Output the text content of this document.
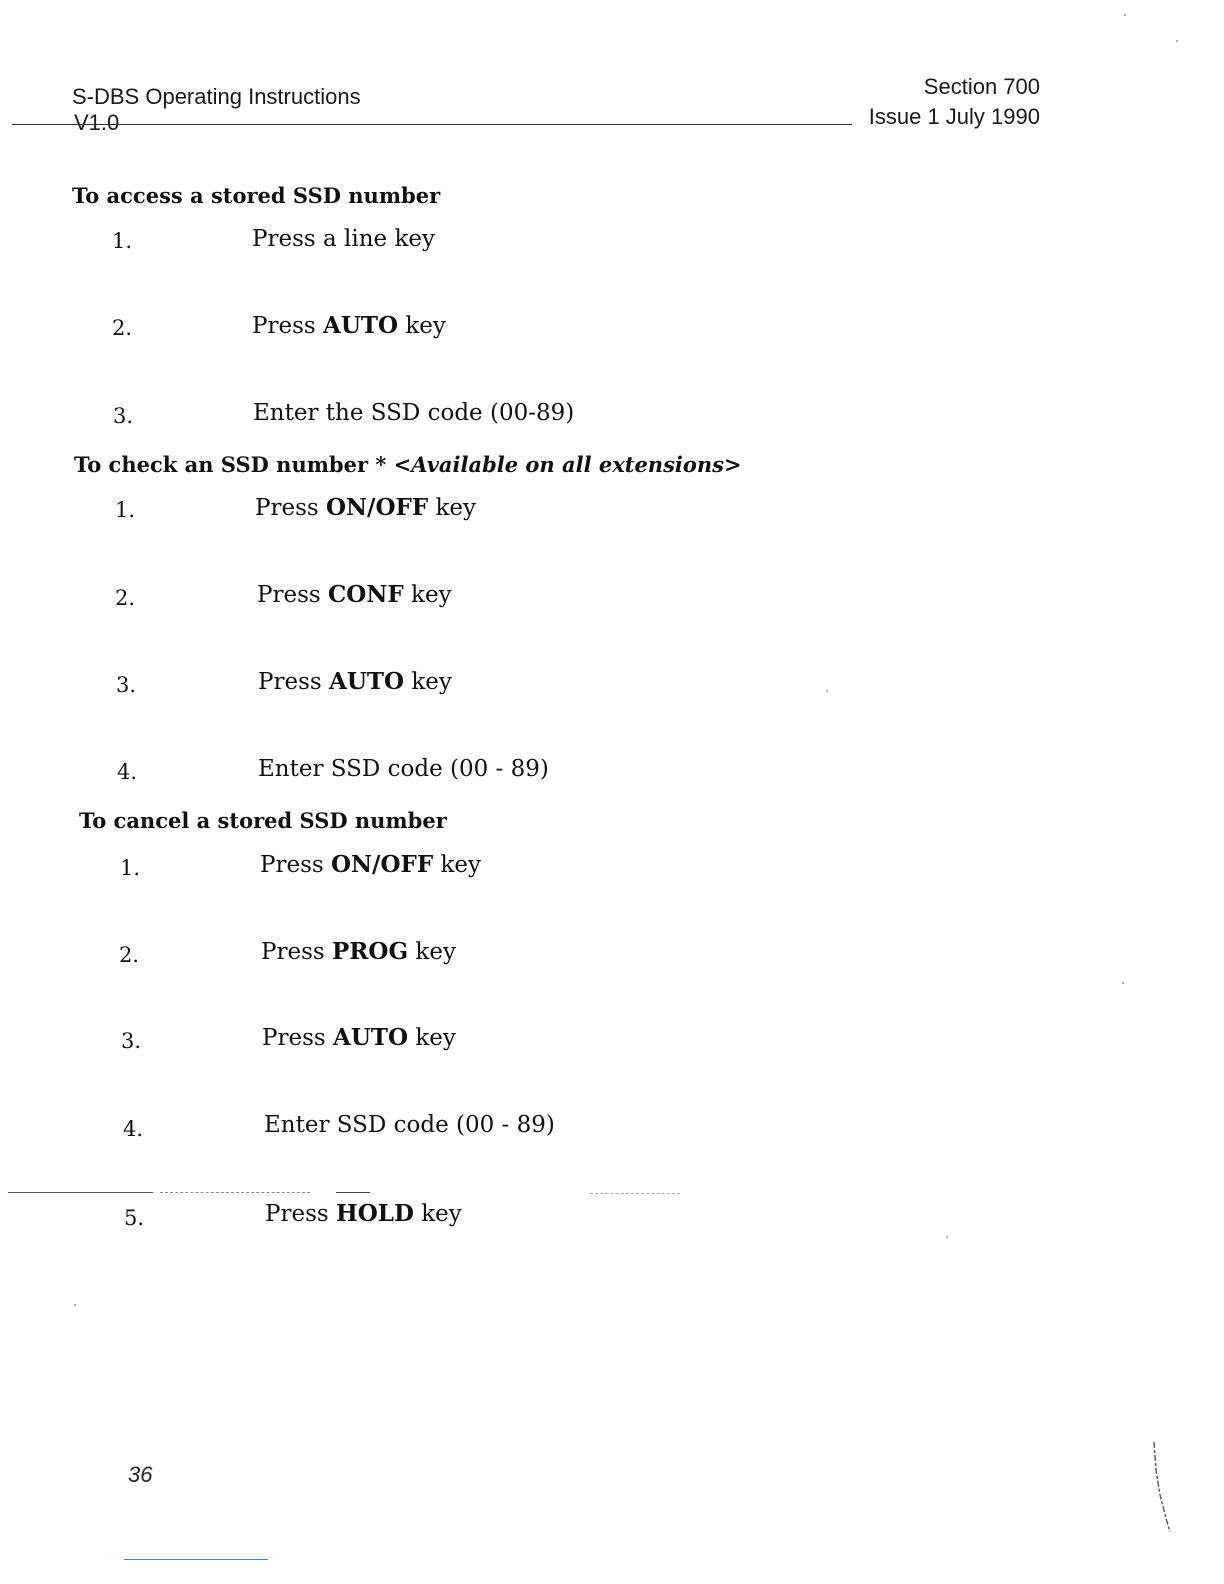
S-DBS Operating Instructions
V1.0
Section 700
Issue 1 July 1990
To access a stored SSD number
1.	Press a line key
2.	Press AUTO key
3.	Enter the SSD code (00-89)
To check an SSD number * <Available on all extensions>
1.	Press ON/OFF key
2.	Press CONF key
3.	Press AUTO key
4.	Enter SSD code (00 - 89)
To cancel a stored SSD number
1.	Press ON/OFF key
2.	Press PROG key
3.	Press AUTO key
4.	Enter SSD code (00 - 89)
5.	Press HOLD key
36
